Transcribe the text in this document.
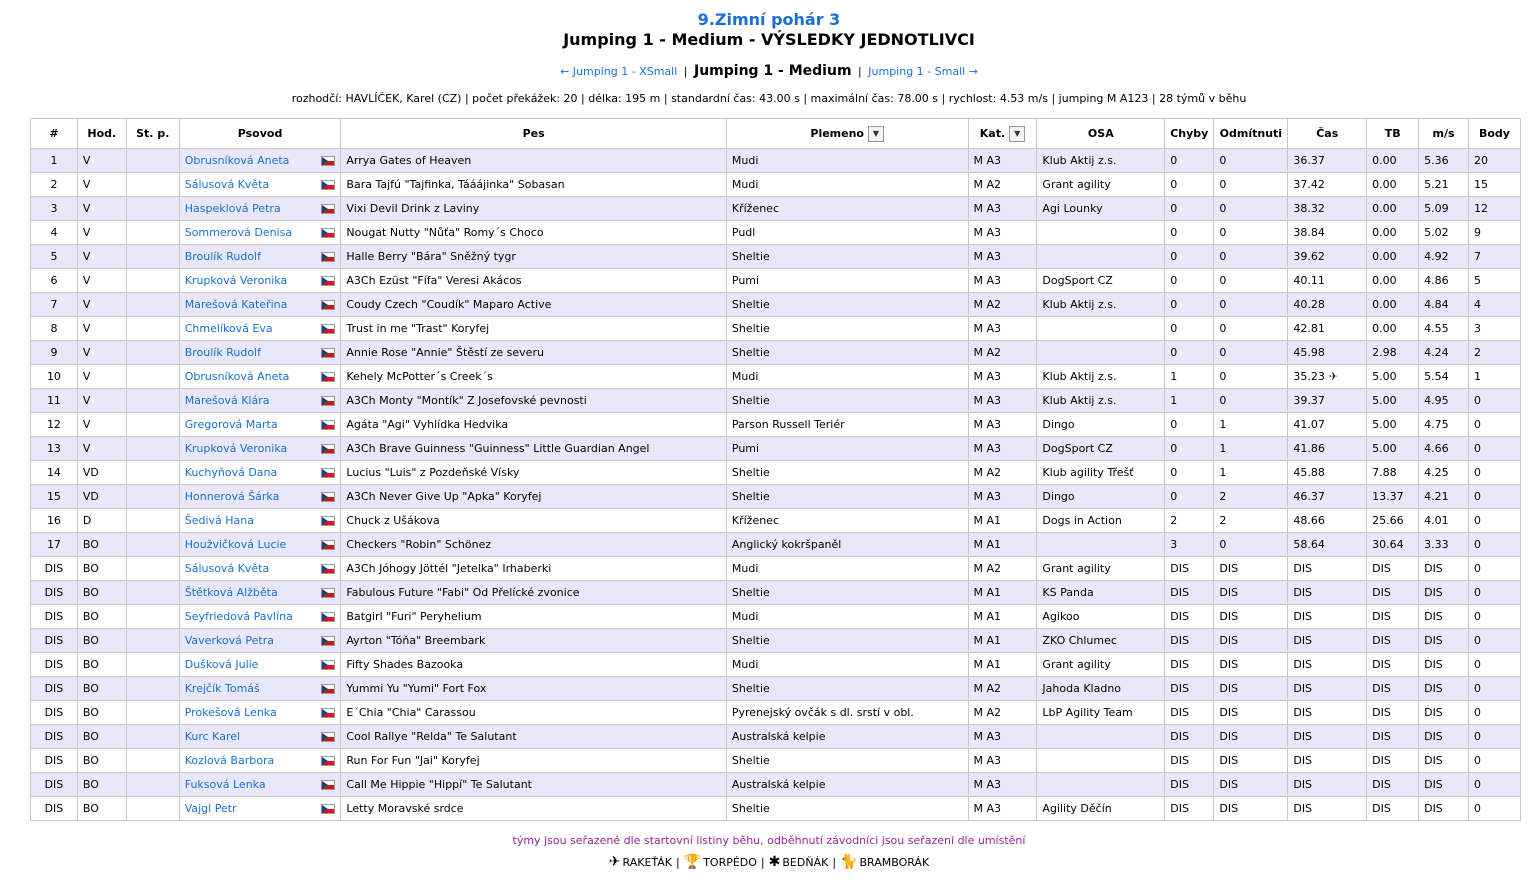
9.Zimní pohár 3
Jumping 1 - Medium - VÝSLEDKY JEDNOTLIVCI
← Jumping 1 - XSmall | Jumping 1 - Medium | Jumping 1 - Small →
rozhodčí: HAVLÍČEK, Karel (CZ) | počet překážek: 20 | délka: 195 m | standardní čas: 43.00 s | maximální čas: 78.00 s | rychlost: 4.53 m/s | jumping M A123 | 28 týmů v běhu
#	Hod.	St. p.	Psovod	Pes	Plemeno ▼	Kat. ▼	OSA	Chyby	Odmítnuti	Čas	TB	m/s	Body
1	V		Obrusníková Aneta	Arrya Gates of Heaven	Mudi	M A3	Klub Aktij z.s.	0	0	36.37	0.00	5.36	20
2	V		Sálusová Květa	Bara Tajfú "Tajfinka, Tááájinka" Sobasan	Mudi	M A2	Grant agility	0	0	37.42	0.00	5.21	15
3	V		Haspeklová Petra	Vixi Devil Drink z Laviny	Kříženec	M A3	Agi Lounky	0	0	38.32	0.00	5.09	12
4	V		Sommerová Denisa	Nougat Nutty "Nůťa" Romy´s Choco	Pudl	M A3		0	0	38.84	0.00	5.02	9
5	V		Broulík Rudolf	Halle Berry "Bára" Sněžný tygr	Sheltie	M A3		0	0	39.62	0.00	4.92	7
6	V		Krupková Veronika	A3Ch Ezüst "Fífa" Veresi Akácos	Pumi	M A3	DogSport CZ	0	0	40.11	0.00	4.86	5
7	V		Marešová Kateřina	Coudy Czech "Coudík" Maparo Active	Sheltie	M A2	Klub Aktij z.s.	0	0	40.28	0.00	4.84	4
8	V		Chmelíková Eva	Trust in me "Trast" Koryfej	Sheltie	M A3		0	0	42.81	0.00	4.55	3
9	V		Broulík Rudolf	Annie Rose "Annie" Štěstí ze severu	Sheltie	M A2		0	0	45.98	2.98	4.24	2
10	V		Obrusníková Aneta	Kehely McPotter´s Creek´s	Mudi	M A3	Klub Aktij z.s.	1	0	35.23 ✈	5.00	5.54	1
11	V		Marešová Klára	A3Ch Monty "Montík" Z Josefovské pevnosti	Sheltie	M A3	Klub Aktij z.s.	1	0	39.37	5.00	4.95	0
12	V		Gregorová Marta	Agáta "Agi" Vyhlídka Hedvika	Parson Russell Teriér	M A3	Dingo	0	1	41.07	5.00	4.75	0
13	V		Krupková Veronika	A3Ch Brave Guinness "Guinness" Little Guardian Angel	Pumi	M A3	DogSport CZ	0	1	41.86	5.00	4.66	0
14	VD		Kuchyňová Dana	Lucius "Luis" z Pozdeňské Vísky	Sheltie	M A2	Klub agility Třešť	0	1	45.88	7.88	4.25	0
15	VD		Honnerová Šárka	A3Ch Never Give Up "Apka" Koryfej	Sheltie	M A3	Dingo	0	2	46.37	13.37	4.21	0
16	D		Šedivá Hana	Chuck z Ušákova	Kříženec	M A1	Dogs in Action	2	2	48.66	25.66	4.01	0
17	BO		Houžvičková Lucie	Checkers "Robin" Schönez	Anglický kokršpaněl	M A1		3	0	58.64	30.64	3.33	0
DIS	BO		Sálusová Květa	A3Ch Jóhogy Jöttél "Jetelka" Irhaberki	Mudi	M A2	Grant agility	DIS	DIS	DIS	DIS	DIS	0
DIS	BO		Štětková Alžběta	Fabulous Future "Fabi" Od Přelícké zvonice	Sheltie	M A1	KS Panda	DIS	DIS	DIS	DIS	DIS	0
DIS	BO		Seyfriedová Pavlína	Batgirl "Furi" Peryhelium	Mudi	M A1	Agikoo	DIS	DIS	DIS	DIS	DIS	0
DIS	BO		Vaverková Petra	Ayrton "Tóňa" Breembark	Sheltie	M A1	ZKO Chlumec	DIS	DIS	DIS	DIS	DIS	0
DIS	BO		Dušková Julie	Fifty Shades Bazooka	Mudi	M A1	Grant agility	DIS	DIS	DIS	DIS	DIS	0
DIS	BO		Krejčík Tomáš	Yummi Yu "Yumi" Fort Fox	Sheltie	M A2	Jahoda Kladno	DIS	DIS	DIS	DIS	DIS	0
DIS	BO		Prokešová Lenka	E´Chia "Chia" Carassou	Pyrenejský ovčák s dl. srstí v obl.	M A2	LbP Agility Team	DIS	DIS	DIS	DIS	DIS	0
DIS	BO		Kurc Karel	Cool Rallye "Relda" Te Salutant	Australská kelpie	M A3		DIS	DIS	DIS	DIS	DIS	0
DIS	BO		Kozlová Barbora	Run For Fun "Jai" Koryfej	Sheltie	M A3		DIS	DIS	DIS	DIS	DIS	0
DIS	BO		Fuksová Lenka	Call Me Hippie "Hippí" Te Salutant	Australská kelpie	M A3		DIS	DIS	DIS	DIS	DIS	0
DIS	BO		Vajgl Petr	Letty Moravské srdce	Sheltie	M A3	Agility Děčín	DIS	DIS	DIS	DIS	DIS	0
týmy jsou seřazené dle startovní listiny běhu, odběhnutí závodníci jsou seřazeni dle umístění
✈ RAKEŤÁK | 🏆 TORPÉDO | ✱ BEDŇÁK | 🐈 BRAMBORÁK
